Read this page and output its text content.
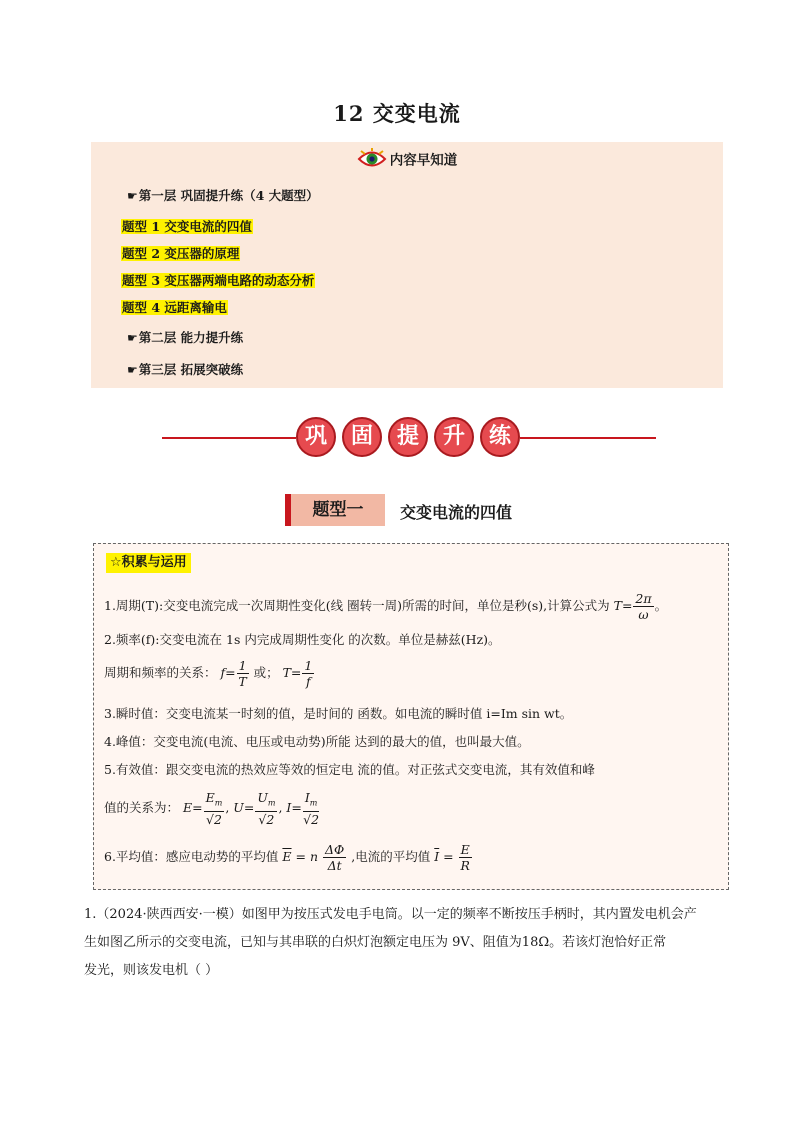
12 交变电流
内容早知道
☛第一层 巩固提升练（4 大题型）
题型 1 交变电流的四值
题型 2 变压器的原理
题型 3 变压器两端电路的动态分析
题型 4 远距离输电
☛第二层 能力提升练
☛第三层 拓展突破练
巩	固	提	升	练
题型一	交变电流的四值
☆积累与运用
1.周期(T):交变电流完成一次周期性变化(线 圈转一周)所需的时间，单位是秒(s),计算公式为 $T= \frac{2\pi}{\omega}$ 。
2.频率(f):交变电流在 1s 内完成周期性变化 的次数。单位是赫兹(Hz)。
周期和频率的关系： $f= \frac{1}{T}$ 或； $T= \frac{1}{f}$
3.瞬时值：交变电流某一时刻的值，是时间的 函数。如电流的瞬时值 i=Im sin wt。
4.峰值：交变电流(电流、电压或电动势)所能 达到的最大的值，也叫最大值。
5.有效值：跟交变电流的热效应等效的恒定电 流的值。对正弦式交变电流，其有效值和峰
值的关系为： $E= \frac{E_m}{√2}$ , $U= \frac{U_m}{√2}$ , $I= \frac{I_m}{√2}$
6.平均值：感应电动势的平均值 $\overline{E} = n \frac{\Delta\Phi}{\Delta t}$ ,电流的平均值 $\overline{I} = \frac{E}{R}$
1.（2024·陕西西安·一模）如图甲为按压式发电手电筒。以一定的频率不断按压手柄时，其内置发电机会产
生如图乙所示的交变电流，已知与其串联的白炽灯泡额定电压为 9V、阻值为18Ω。若该灯泡恰好正常
发光，则该发电机（ ）
